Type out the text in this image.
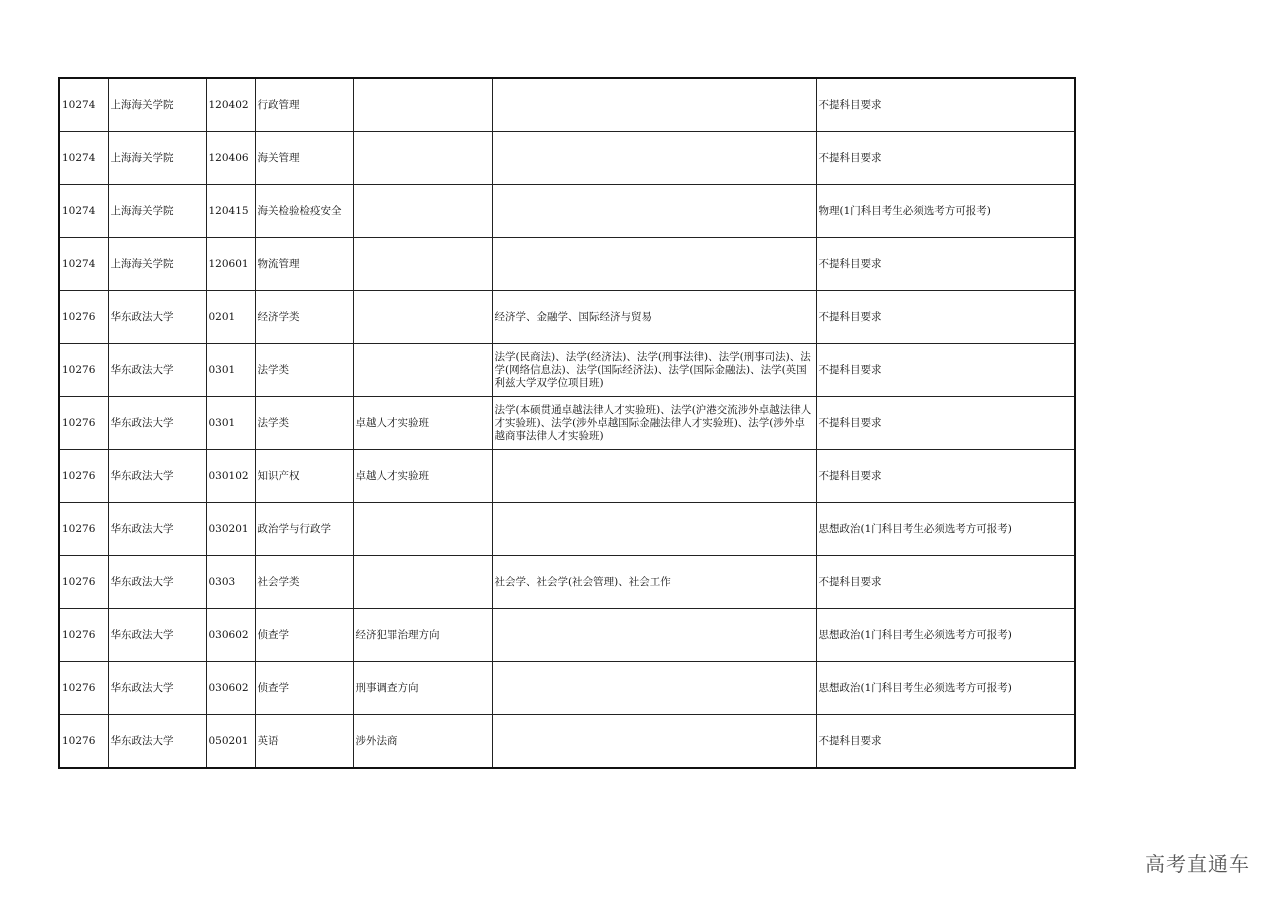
10274	上海海关学院	120402	行政管理			不提科目要求
10274	上海海关学院	120406	海关管理			不提科目要求
10274	上海海关学院	120415	海关检验检疫安全			物理(1门科目考生必须选考方可报考)
10274	上海海关学院	120601	物流管理			不提科目要求
10276	华东政法大学	0201	经济学类		经济学、金融学、国际经济与贸易	不提科目要求
10276	华东政法大学	0301	法学类		法学(民商法)、法学(经济法)、法学(刑事法律)、法学(刑事司法)、法学(网络信息法)、法学(国际经济法)、法学(国际金融法)、法学(英国利兹大学双学位项目班)	不提科目要求
10276	华东政法大学	0301	法学类	卓越人才实验班	法学(本硕贯通卓越法律人才实验班)、法学(沪港交流涉外卓越法律人才实验班)、法学(涉外卓越国际金融法律人才实验班)、法学(涉外卓越商事法律人才实验班)	不提科目要求
10276	华东政法大学	030102	知识产权	卓越人才实验班		不提科目要求
10276	华东政法大学	030201	政治学与行政学			思想政治(1门科目考生必须选考方可报考)
10276	华东政法大学	0303	社会学类		社会学、社会学(社会管理)、社会工作	不提科目要求
10276	华东政法大学	030602	侦查学	经济犯罪治理方向		思想政治(1门科目考生必须选考方可报考)
10276	华东政法大学	030602	侦查学	刑事调查方向		思想政治(1门科目考生必须选考方可报考)
10276	华东政法大学	050201	英语	涉外法商		不提科目要求
高考直通车
